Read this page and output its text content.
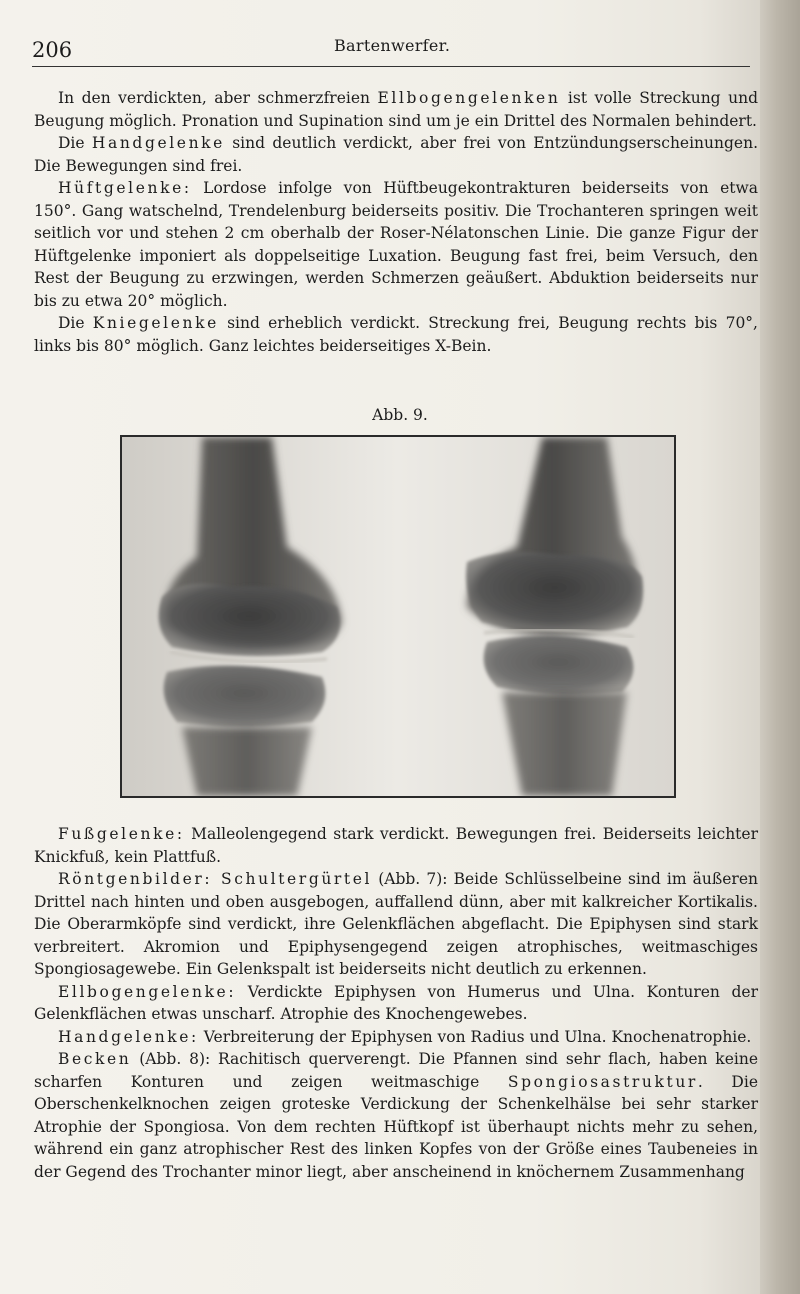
206	Bartenwerfer.

In den verdickten, aber schmerzfreien Ellbogengelenken ist volle Streckung und Beugung möglich. Pronation und Supination sind um je ein Drittel des Normalen behindert.

Die Handgelenke sind deutlich verdickt, aber frei von Entzündungserscheinungen. Die Bewegungen sind frei.

Hüftgelenke: Lordose infolge von Hüftbeugekontrakturen beiderseits von etwa 150°. Gang watschelnd, Trendelenburg beiderseits positiv. Die Trochanteren springen weit seitlich vor und stehen 2 cm oberhalb der Roser-Nélatonschen Linie. Die ganze Figur der Hüftgelenke imponiert als doppelseitige Luxation. Beugung fast frei, beim Versuch, den Rest der Beugung zu erzwingen, werden Schmerzen geäußert. Abduktion beiderseits nur bis zu etwa 20° möglich.

Die Kniegelenke sind erheblich verdickt. Streckung frei, Beugung rechts bis 70°, links bis 80° möglich. Ganz leichtes beiderseitiges X-Bein.

Abb. 9.

Fußgelenke: Malleolengegend stark verdickt. Bewegungen frei. Beiderseits leichter Knickfuß, kein Plattfuß.

Röntgenbilder: Schultergürtel (Abb. 7): Beide Schlüsselbeine sind im äußeren Drittel nach hinten und oben ausgebogen, auffallend dünn, aber mit kalkreicher Kortikalis. Die Oberarmköpfe sind verdickt, ihre Gelenkflächen abgeflacht. Die Epiphysen sind stark verbreitert. Akromion und Epiphysengegend zeigen atrophisches, weitmaschiges Spongiosagewebe. Ein Gelenkspalt ist beiderseits nicht deutlich zu erkennen.

Ellbogengelenke: Verdickte Epiphysen von Humerus und Ulna. Konturen der Gelenkflächen etwas unscharf. Atrophie des Knochengewebes.

Handgelenke: Verbreiterung der Epiphysen von Radius und Ulna. Knochenatrophie.

Becken (Abb. 8): Rachitisch querverengt. Die Pfannen sind sehr flach, haben keine scharfen Konturen und zeigen weitmaschige Spongiosastruktur. Die Oberschenkelknochen zeigen groteske Verdickung der Schenkelhälse bei sehr starker Atrophie der Spongiosa. Von dem rechten Hüftkopf ist überhaupt nichts mehr zu sehen, während ein ganz atrophischer Rest des linken Kopfes von der Größe eines Taubeneies in der Gegend des Trochanter minor liegt, aber anscheinend in knöchernem Zusammenhang
